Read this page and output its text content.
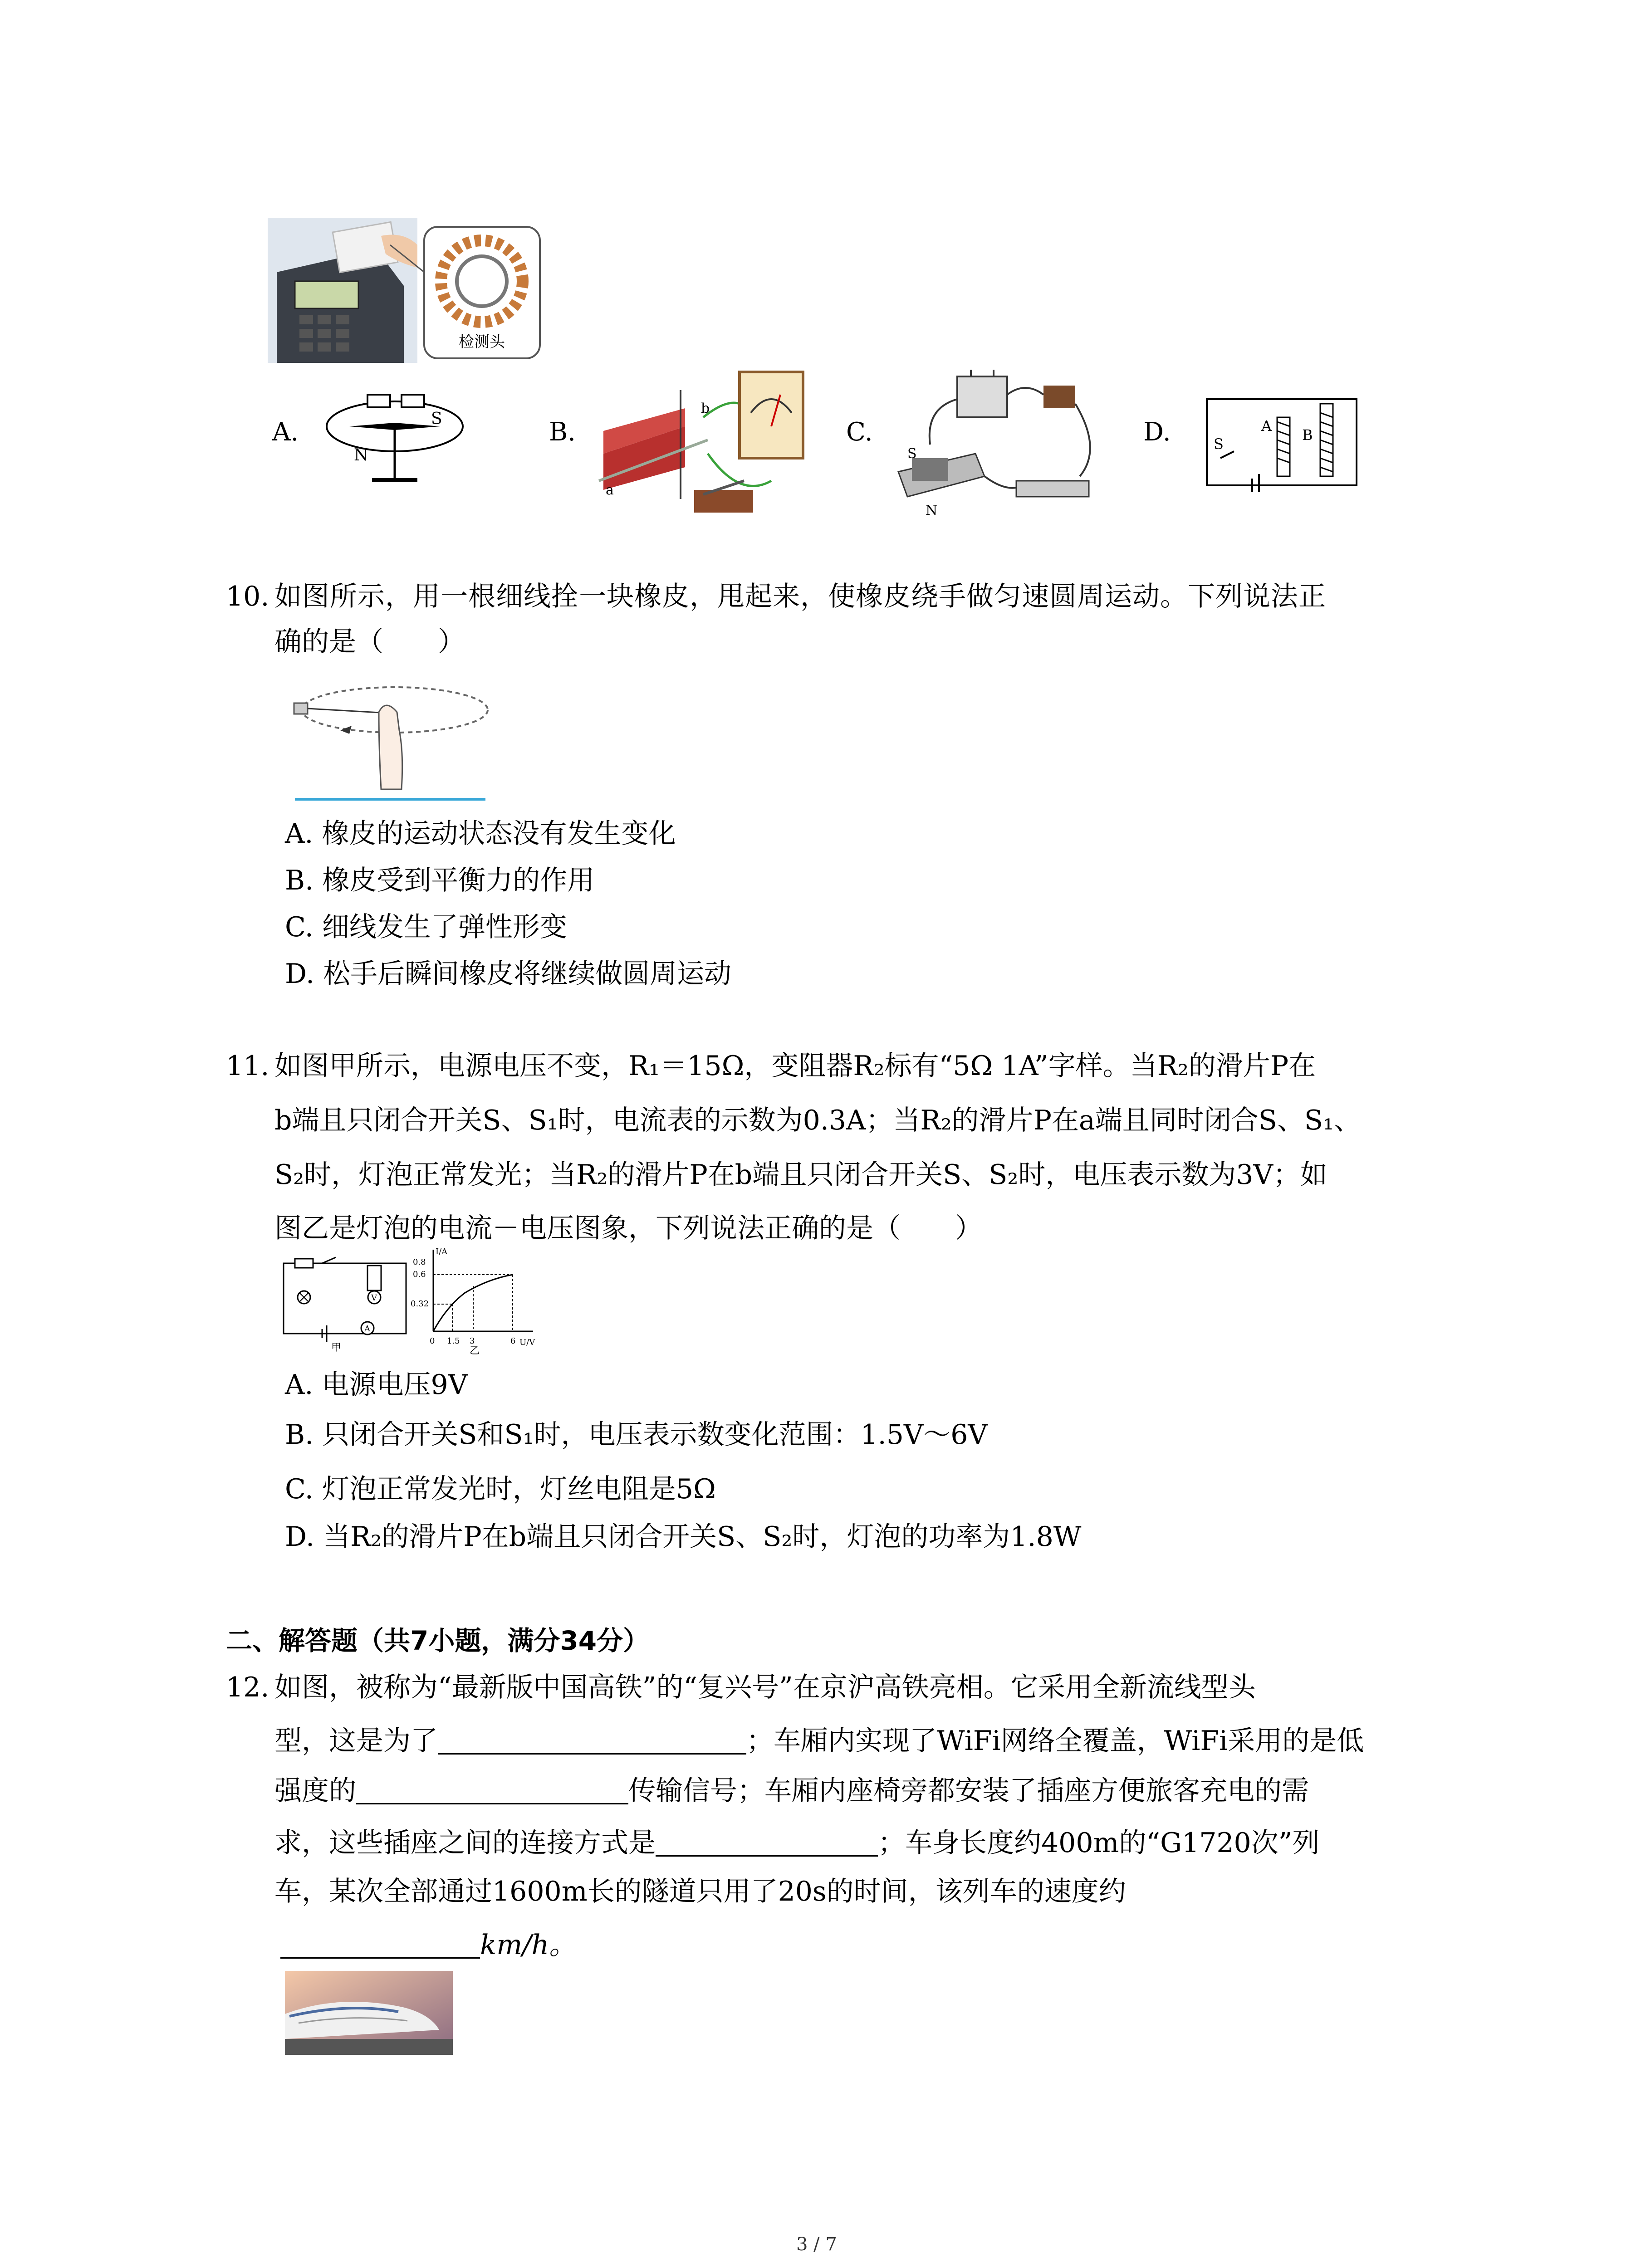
检测头
A.
N
S	B.
a
b
C.
S
N
D.	S
A
B
10. 如图所示，用一根细线拴一块橡皮，甩起来，使橡皮绕手做匀速圆周运动。下列说法正
确的是（　　）
A. 橡皮的运动状态没有发生变化
B. 橡皮受到平衡力的作用
C. 细线发生了弹性形变
D. 松手后瞬间橡皮将继续做圆周运动
11. 如图甲所示，电源电压不变，R₁＝15Ω，变阻器R₂标有“5Ω 1A”字样。当R₂的滑片P在
b端且只闭合开关S、S₁时，电流表的示数为0.3A；当R₂的滑片P在a端且同时闭合S、S₁、
S₂时，灯泡正常发光；当R₂的滑片P在b端且只闭合开关S、S₂时，电压表示数为3V；如
图乙是灯泡的电流－电压图象，下列说法正确的是（　　）
V
A
甲
I/A
U/V
0.8
0.6
0.32
0 1.5 3	6
乙
A. 电源电压9V
B. 只闭合开关S和S₁时，电压表示数变化范围：1.5V～6V
C. 灯泡正常发光时，灯丝电阻是5Ω
D. 当R₂的滑片P在b端且只闭合开关S、S₂时，灯泡的功率为1.8W
二、解答题（共7小题，满分34分）
12. 如图，被称为“最新版中国高铁”的“复兴号”在京沪高铁亮相。它采用全新流线型头
型，这是为了	；车厢内实现了WiFi网络全覆盖，WiFi采用的是低
强度的	传输信号；车厢内座椅旁都安装了插座方便旅客充电的需
求，这些插座之间的连接方式是	；车身长度约400m的“G1720次”列
车，某次全部通过1600m长的隧道只用了20s的时间，该列车的速度约
km/h。
3 / 7
